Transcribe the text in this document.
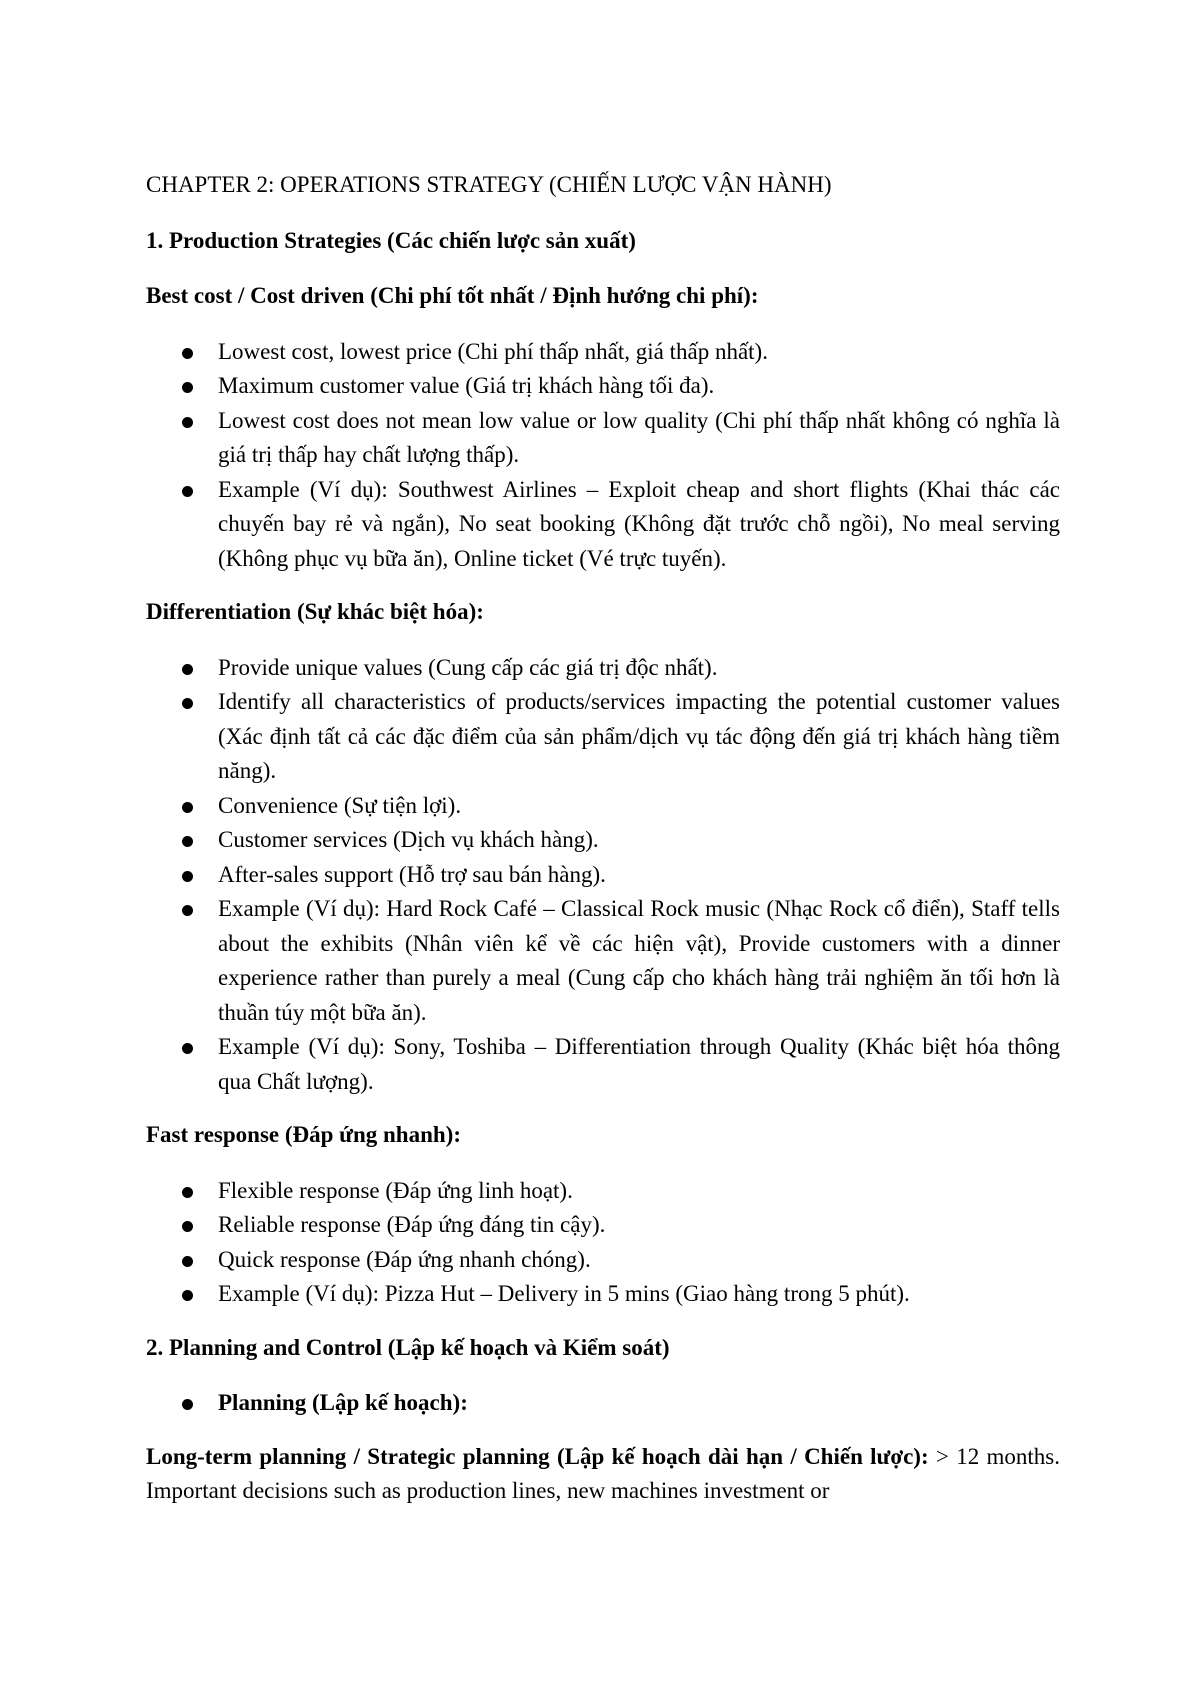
CHAPTER 2: OPERATIONS STRATEGY (CHIẾN LƯỢC VẬN HÀNH)
1. Production Strategies (Các chiến lược sản xuất)
Best cost / Cost driven (Chi phí tốt nhất / Định hướng chi phí):
Lowest cost, lowest price (Chi phí thấp nhất, giá thấp nhất).
Maximum customer value (Giá trị khách hàng tối đa).
Lowest cost does not mean low value or low quality (Chi phí thấp nhất không có nghĩa là giá trị thấp hay chất lượng thấp).
Example (Ví dụ): Southwest Airlines – Exploit cheap and short flights (Khai thác các chuyến bay rẻ và ngắn), No seat booking (Không đặt trước chỗ ngồi), No meal serving (Không phục vụ bữa ăn), Online ticket (Vé trực tuyến).
Differentiation (Sự khác biệt hóa):
Provide unique values (Cung cấp các giá trị độc nhất).
Identify all characteristics of products/services impacting the potential customer values (Xác định tất cả các đặc điểm của sản phẩm/dịch vụ tác động đến giá trị khách hàng tiềm năng).
Convenience (Sự tiện lợi).
Customer services (Dịch vụ khách hàng).
After-sales support (Hỗ trợ sau bán hàng).
Example (Ví dụ): Hard Rock Café – Classical Rock music (Nhạc Rock cổ điển), Staff tells about the exhibits (Nhân viên kể về các hiện vật), Provide customers with a dinner experience rather than purely a meal (Cung cấp cho khách hàng trải nghiệm ăn tối hơn là thuần túy một bữa ăn).
Example (Ví dụ): Sony, Toshiba – Differentiation through Quality (Khác biệt hóa thông qua Chất lượng).
Fast response (Đáp ứng nhanh):
Flexible response (Đáp ứng linh hoạt).
Reliable response (Đáp ứng đáng tin cậy).
Quick response (Đáp ứng nhanh chóng).
Example (Ví dụ): Pizza Hut – Delivery in 5 mins (Giao hàng trong 5 phút).
2. Planning and Control (Lập kế hoạch và Kiểm soát)
Planning (Lập kế hoạch):

Long-term planning / Strategic planning (Lập kế hoạch dài hạn / Chiến lược): > 12 months. Important decisions such as production lines, new machines investment or
